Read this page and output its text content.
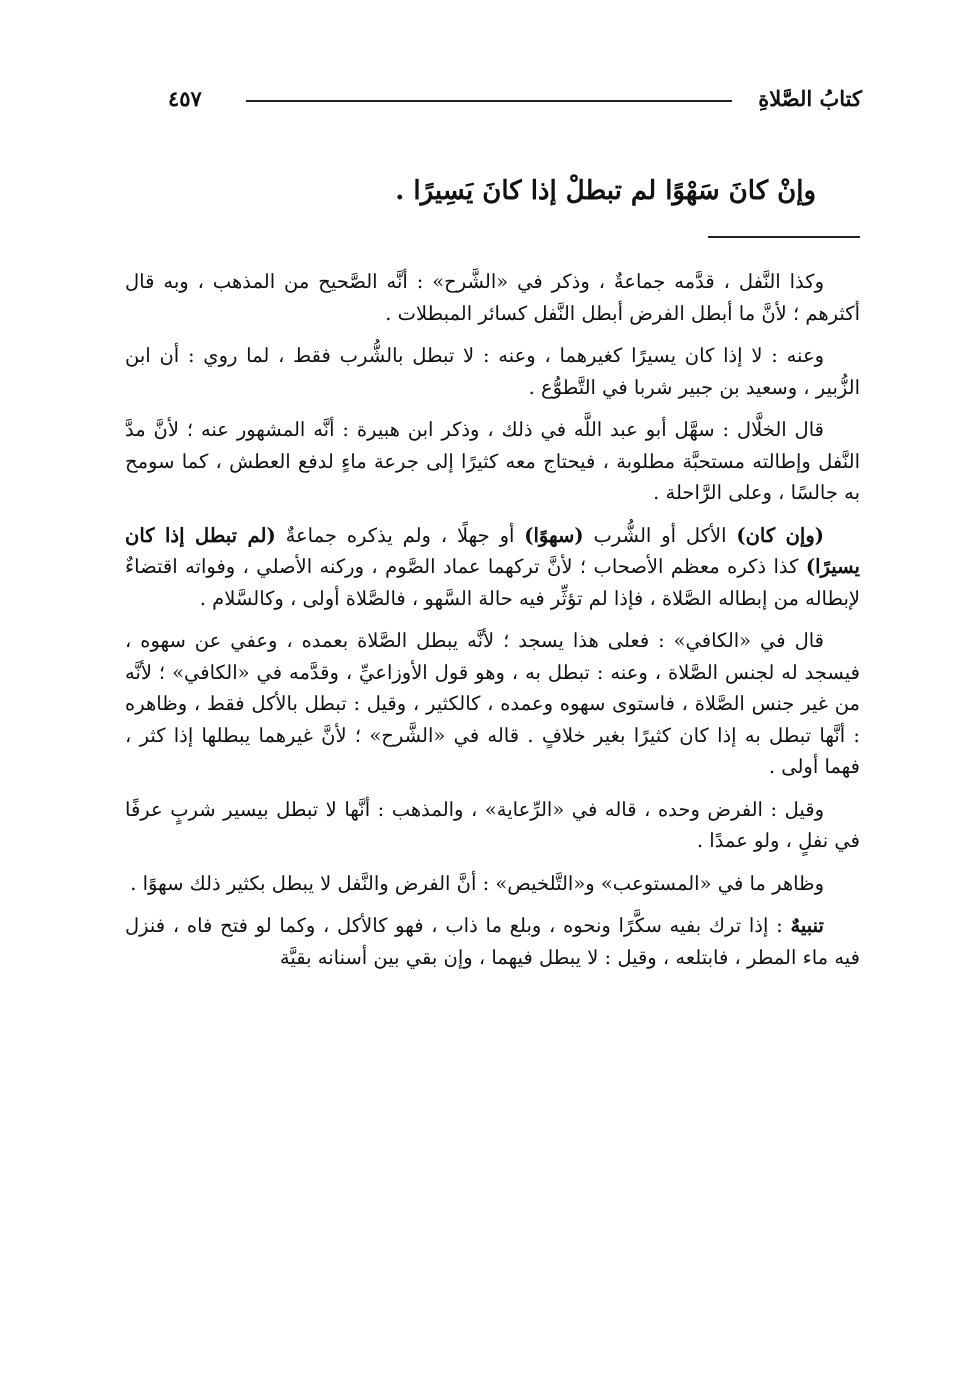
كتابُ الصَّلاةِ
٤٥٧
وإنْ كانَ سَهْوًا لم تبطلْ إذا كانَ يَسِيرًا .

وكذا النَّفل ، قدَّمه جماعةٌ ، وذكر في «الشَّرح» : أنَّه الصَّحيح من المذهب ، وبه قال أكثرهم ؛ لأنَّ ما أبطل الفرض أبطل النَّفل كسائر المبطلات .

وعنه : لا إذا كان يسيرًا كغيرهما ، وعنه : لا تبطل بالشُّرب فقط ، لما روي : أن ابن الزُّبير ، وسعيد بن جبير شربا في التَّطوُّع .

قال الخلَّال : سهَّل أبو عبد اللَّه في ذلك ، وذكر ابن هبيرة : أنَّه المشهور عنه ؛ لأنَّ مدَّ النَّفل وإطالته مستحبَّة مطلوبة ، فيحتاج معه كثيرًا إلى جرعة ماءٍ لدفع العطش ، كما سومح به جالسًا ، وعلى الرَّاحلة .

(وإن كان) الأكل أو الشُّرب (سهوًا) أو جهلًا ، ولم يذكره جماعةٌ (لم تبطل إذا كان يسيرًا) كذا ذكره معظم الأصحاب ؛ لأنَّ تركهما عماد الصَّوم ، وركنه الأصلي ، وفواته اقتضاءٌ لإبطاله من إبطاله الصَّلاة ، فإذا لم تؤثِّر فيه حالة السَّهو ، فالصَّلاة أولى ، وكالسَّلام .

قال في «الكافي» : فعلى هذا يسجد ؛ لأنَّه يبطل الصَّلاة بعمده ، وعفي عن سهوه ، فيسجد له لجنس الصَّلاة ، وعنه : تبطل به ، وهو قول الأوزاعيِّ ، وقدَّمه في «الكافي» ؛ لأنَّه من غير جنس الصَّلاة ، فاستوى سهوه وعمده ، كالكثير ، وقيل : تبطل بالأكل فقط ، وظاهره : أنَّها تبطل به إذا كان كثيرًا بغير خلافٍ . قاله في «الشَّرح» ؛ لأنَّ غيرهما يبطلها إذا كثر ، فهما أولى .

وقيل : الفرض وحده ، قاله في «الرِّعاية» ، والمذهب : أنَّها لا تبطل بيسير شربٍ عرفًا في نفلٍ ، ولو عمدًا .

وظاهر ما في «المستوعب» و«التَّلخيص» : أنَّ الفرض والنَّفل لا يبطل بكثير ذلك سهوًا .

تنبيهٌ : إذا ترك بفيه سكَّرًا ونحوه ، وبلع ما ذاب ، فهو كالأكل ، وكما لو فتح فاه ، فنزل فيه ماء المطر ، فابتلعه ، وقيل : لا يبطل فيهما ، وإن بقي بين أسنانه بقيَّة
